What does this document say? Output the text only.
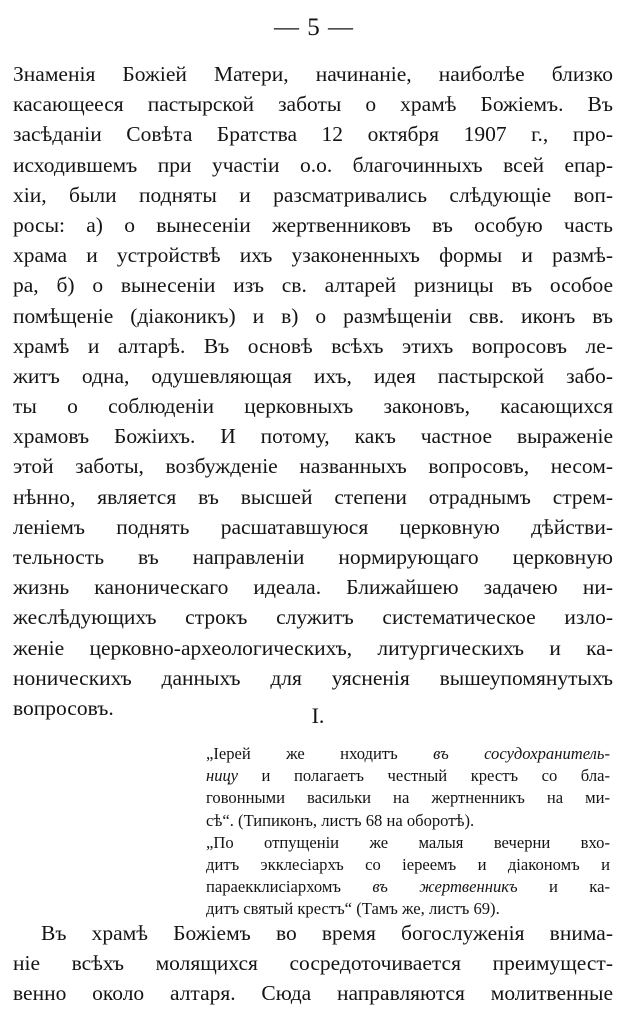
— 5 —
Знаменія Божіей Матери, начинаніе, наиболѣе близко
касающееся пастырской заботы о храмѣ Божіемъ. Въ
засѣданіи Совѣта Братства 12 октября 1907 г., про-
исходившемъ при участіи о.о. благочинныхъ всей епар-
хіи, были подняты и разсматривались слѣдующіе воп-
росы: а) о вынесеніи жертвенниковъ въ особую часть
храма и устройствѣ ихъ узаконенныхъ формы и размѣ-
ра, б) о вынесеніи изъ св. алтарей ризницы въ особое
помѣщеніе (діаконикъ) и в) о размѣщеніи свв. иконъ въ
храмѣ и алтарѣ. Въ основѣ всѣхъ этихъ вопросовъ ле-
житъ одна, одушевляющая ихъ, идея пастырской забо-
ты о соблюденіи церковныхъ законовъ, касающихся
храмовъ Божіихъ. И потому, какъ частное выраженіе
этой заботы, возбужденіе названныхъ вопросовъ, несом-
нѣнно, является въ высшей степени отраднымъ стрем-
леніемъ поднять расшатавшуюся церковную дѣйстви-
тельность въ направленіи нормирующаго церковную
жизнь каноническаго идеала. Ближайшею задачею ни-
жеслѣдующихъ строкъ служитъ систематическое изло-
женіе церковно-археологическихъ, литургическихъ и ка-
ноническихъ данныхъ для уясненія вышеупомянутыхъ
вопросовъ.	I.
„Іерей же нходитъ въ сосудохранитель-
ницу и полагаетъ честный крестъ со бла-
говонными васильки на жертненникъ на ми-
сѣ“. (Типиконъ, листъ 68 на оборотѣ).
„По отпущеніи же малыя вечерни вхо-
дитъ экклесіархъ со іереемъ и діакономъ и
параекклисіархомъ въ жертвенникъ и ка-
дитъ святый крестъ“ (Тамъ же, листъ 69).
Въ храмѣ Божіемъ во время богослуженія внима-
ніе всѣхъ молящихся сосредоточивается преимущест-
венно около алтаря. Сюда направляются молитвенные
